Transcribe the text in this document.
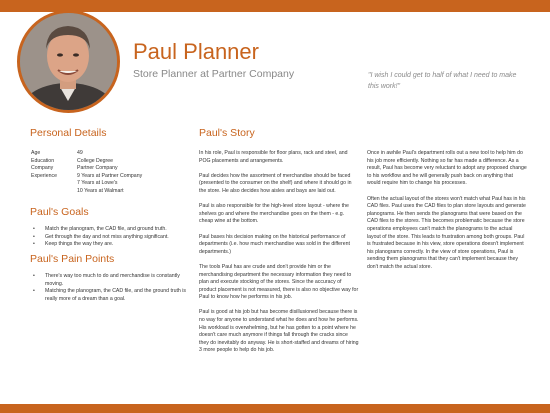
Paul Planner
Store Planner at Partner Company	"I wish I could get to half of what I need to make this work!"
Personal Details
Age	49
Education	College Degree
Company	Partner Company
Experience	9 Years at Partner Company
7 Years at Lowe's
10 Years at Walmart
Paul's Goals
• Match the planogram, the CAD file, and ground truth.
• Get through the day and not miss anything significant.
• Keep things the way they are.
Paul's Pain Points
• There's way too much to do and merchandise is constantly moving.
• Matching the planogram, the CAD file, and the ground truth is really more of a dream than a goal.
Paul's Story

In his role, Paul is responsible for floor plans, rack and steel, and POG placements and arrangements.

Paul decides how the assortment of merchandise should be faced (presented to the consumer on the shelf) and where it should go in the store. He also decides how aisles and bays are laid out.

Paul is also responsible for the high-level store layout - where the shelves go and where the merchandise goes on the them - e.g. cheap wine at the bottom.

Paul bases his decision making on the historical performance of departments (i.e. how much merchandise was sold in the different departments.)

The tools Paul has are crude and don't provide him or the merchandising department the necessary information they need to plan and execute stocking of the stores. Since the accuracy of product placement is not measured, there is also no objective way for Paul to know how he performs in his job.

Paul is good at his job but has become disillusioned because there is no way for anyone to understand what he does and how he performs. His workload is overwhelming, but he has gotten to a point where he doesn't care much anymore if things fall through the cracks since they do inevitably do anyway. He is short-staffed and dreams of hiring 3 more people to help do his job.

Once in awhile Paul's department rolls out a new tool to help him do his job more efficiently. Nothing so far has made a difference. As a result, Paul has become very reluctant to adopt any proposed change to his workflow and he will generally push back on anything that would require him to change his processes.

Often the actual layout of the stores won't match what Paul has in his CAD files. Paul uses the CAD files to plan store layouts and generate planograms. He then sends the planograms that were based on the CAD files to the stores. This becomes problematic because the store operations employees can't match the planograms to the actual layout of the store. This leads to frustration among both groups. Paul is frustrated because in his view, store operations doesn't implement his planograms correctly. In the view of store operations, Paul is sending them planograms that they can't implement because they don't match the actual store.
